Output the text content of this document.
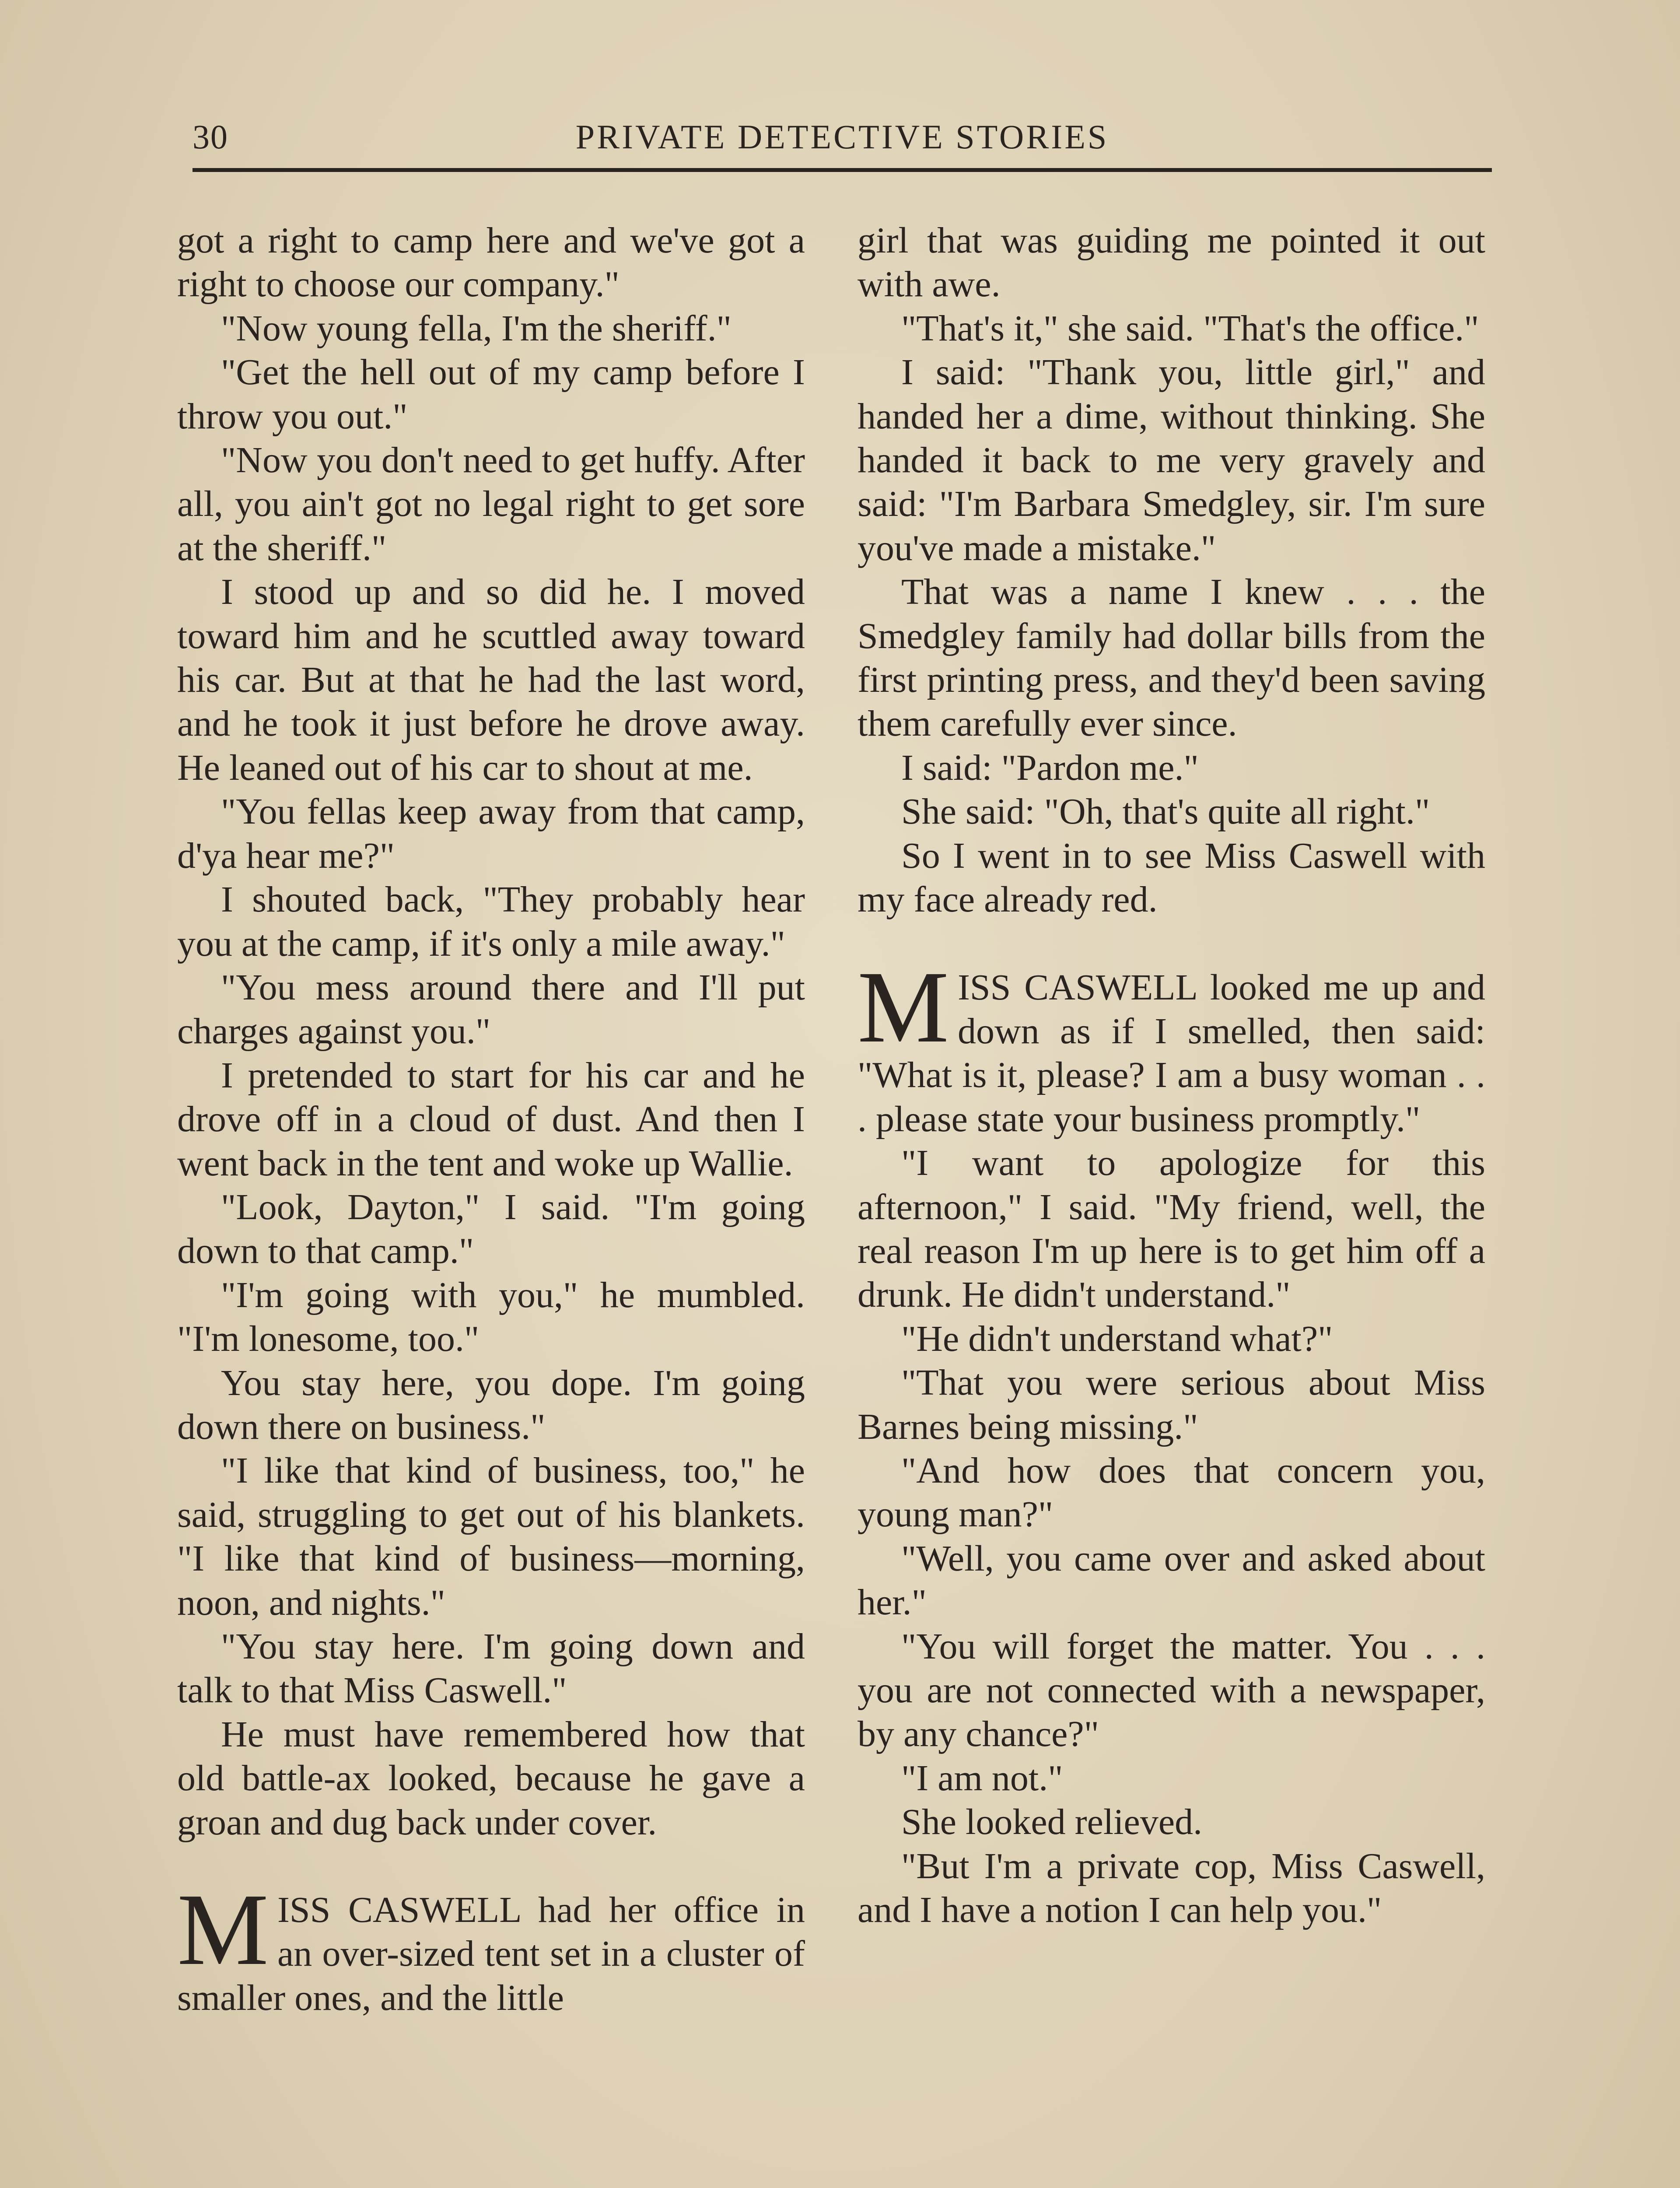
30	PRIVATE DETECTIVE STORIES

got a right to camp here and we've got a right to choose our company."

"Now young fella, I'm the sheriff."

"Get the hell out of my camp before I throw you out."

"Now you don't need to get huffy. After all, you ain't got no legal right to get sore at the sheriff."

I stood up and so did he. I moved toward him and he scuttled away toward his car. But at that he had the last word, and he took it just before he drove away. He leaned out of his car to shout at me.

"You fellas keep away from that camp, d'ya hear me?"

I shouted back, "They probably hear you at the camp, if it's only a mile away."

"You mess around there and I'll put charges against you."

I pretended to start for his car and he drove off in a cloud of dust. And then I went back in the tent and woke up Wallie.

"Look, Dayton," I said. "I'm going down to that camp."

"I'm going with you," he mumbled. "I'm lonesome, too."

You stay here, you dope. I'm going down there on business."

"I like that kind of business, too," he said, struggling to get out of his blankets. "I like that kind of business—morning, noon, and nights."

"You stay here. I'm going down and talk to that Miss Caswell."

He must have remembered how that old battle-ax looked, because he gave a groan and dug back under cover.

MISS CASWELL had her office in an over-sized tent set in a cluster of smaller ones, and the little

girl that was guiding me pointed it out with awe.

"That's it," she said. "That's the office."

I said: "Thank you, little girl," and handed her a dime, without thinking. She handed it back to me very gravely and said: "I'm Barbara Smedgley, sir. I'm sure you've made a mistake."

That was a name I knew . . . the Smedgley family had dollar bills from the first printing press, and they'd been saving them carefully ever since.

I said: "Pardon me."

She said: "Oh, that's quite all right."

So I went in to see Miss Caswell with my face already red.

MISS CASWELL looked me up and down as if I smelled, then said: "What is it, please? I am a busy woman . . . please state your business promptly."

"I want to apologize for this afternoon," I said. "My friend, well, the real reason I'm up here is to get him off a drunk. He didn't understand."

"He didn't understand what?"

"That you were serious about Miss Barnes being missing."

"And how does that concern you, young man?"

"Well, you came over and asked about her."

"You will forget the matter. You . . . you are not connected with a newspaper, by any chance?"

"I am not."

She looked relieved.

"But I'm a private cop, Miss Caswell, and I have a notion I can help you."
